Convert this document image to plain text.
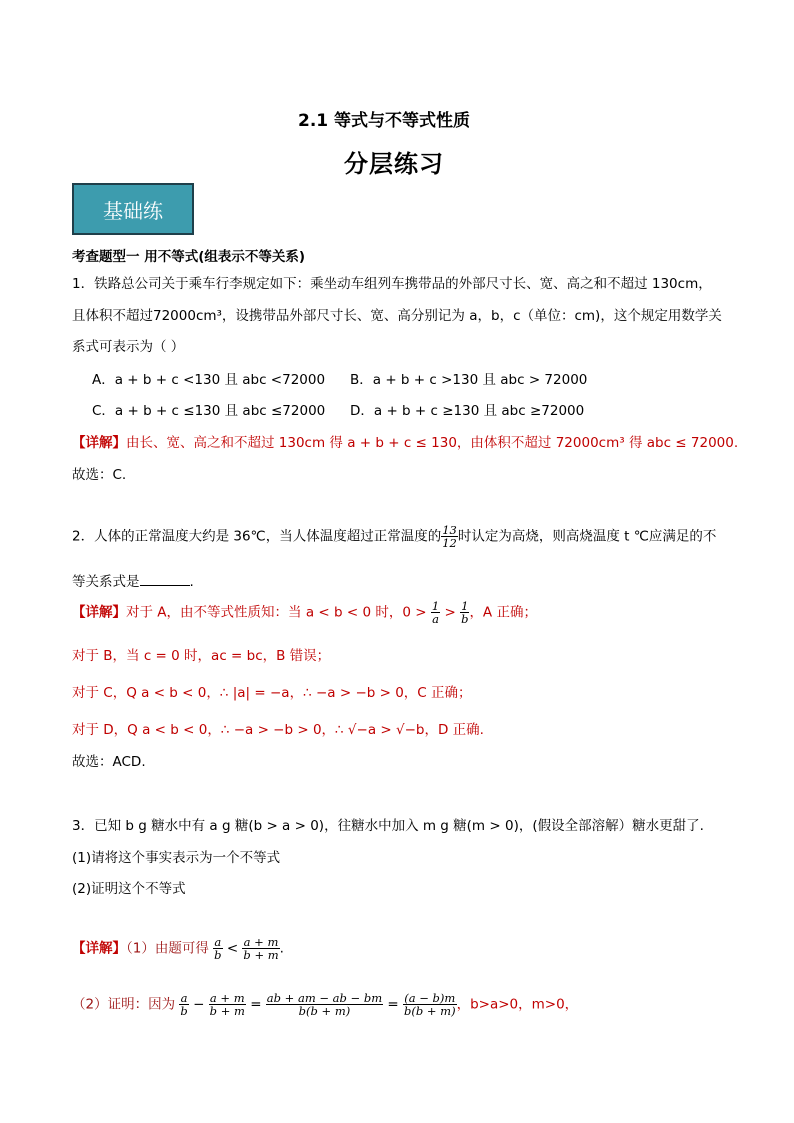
2.1 等式与不等式性质
分层练习
基础练
考查题型一 用不等式(组表示不等关系)
1．铁路总公司关于乘车行李规定如下：乘坐动车组列车携带品的外部尺寸长、宽、高之和不超过 130cm，
且体积不超过72000cm³，设携带品外部尺寸长、宽、高分别记为 a，b，c（单位：cm)，这个规定用数学关
系式可表示为（ ）
A．a + b + c <130 且 abc <72000 B．a + b + c >130 且 abc > 72000
C．a + b + c ≤130 且 abc ≤72000 D．a + b + c ≥130 且 abc ≥72000
【详解】由长、宽、高之和不超过 130cm 得 a + b + c ≤ 130，由体积不超过 72000cm³ 得 abc ≤ 72000.
故选：C.
2．人体的正常温度大约是 36℃，当人体温度超过正常温度的 $\frac{13}{12}$ 时认定为高烧，则高烧温度 t ℃应满足的不
等关系式是	.
【详解】对于 A，由不等式性质知：当 a < b < 0 时，$0 > \frac{1}{a} > \frac{1}{b}$ ，A 正确；
对于 B，当 c = 0 时，ac = bc，B 错误；
对于 C，Q a < b < 0，∴ |a| = −a，∴ −a > −b > 0，C 正确；
对于 D，Q a < b < 0，∴ −a > −b > 0，∴ √−a > √−b，D 正确.
故选：ACD.
3．已知 b g 糖水中有 a g 糖(b > a > 0)，往糖水中加入 m g 糖(m > 0)，(假设全部溶解）糖水更甜了.
(1)请将这个事实表示为一个不等式
(2)证明这个不等式
【详解】（1）由题可得 $\frac{a}{b} < \frac{a + m}{b + m}$ .
（2）证明：因为 $\frac{a}{b} - \frac{a + m}{b + m} = \frac{ab + am - ab - bm}{b(b + m)} = \frac{(a - b)m}{b(b + m)}$ ，b>a>0，m>0，
